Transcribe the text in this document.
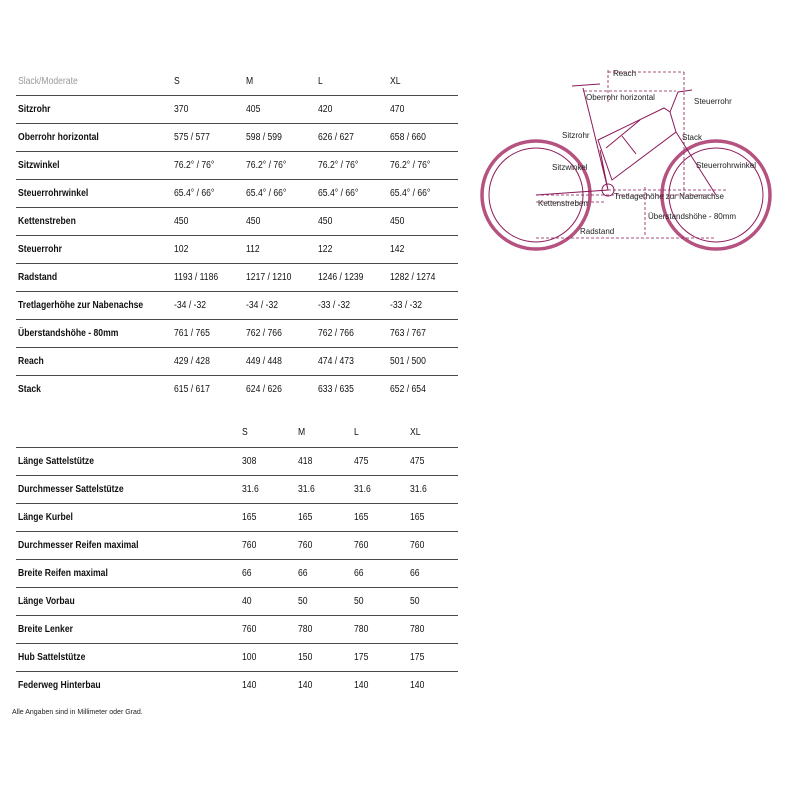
Slack/Moderate	S	M	L	XL
Sitzrohr	370	405	420	470
Oberrohr horizontal	575 / 577	598 / 599	626 / 627	658 / 660
Sitzwinkel	76.2° / 76°	76.2° / 76°	76.2° / 76°	76.2° / 76°
Steuerrohrwinkel	65.4° / 66°	65.4° / 66°	65.4° / 66°	65.4° / 66°
Kettenstreben	450	450	450	450
Steuerrohr	102	112	122	142
Radstand	1193 / 1186	1217 / 1210	1246 / 1239	1282 / 1274
Tretlagerhöhe zur Nabenachse	-34 / -32	-34 / -32	-33 / -32	-33 / -32
Überstandshöhe - 80mm	761 / 765	762 / 766	762 / 766	763 / 767
Reach	429 / 428	449 / 448	474 / 473	501 / 500
Stack	615 / 617	624 / 626	633 / 635	652 / 654
	S	M	L	XL
Länge Sattelstütze	308	418	475	475
Durchmesser Sattelstütze	31.6	31.6	31.6	31.6
Länge Kurbel	165	165	165	165
Durchmesser Reifen maximal	760	760	760	760
Breite Reifen maximal	66	66	66	66
Länge Vorbau	40	50	50	50
Breite Lenker	760	780	780	780
Hub Sattelstütze	100	150	175	175
Federweg Hinterbau	140	140	140	140
Alle Angaben sind in Millimeter oder Grad.
Reach
Oberrohr horizontal	Steuerrohr
Sitzrohr	Stack
Sitzwinkel	Steuerrohrwinkel
Kettenstreben
Tretlagerhöhe zur Nabenachse
Überstandshöhe - 80mm
Radstand
